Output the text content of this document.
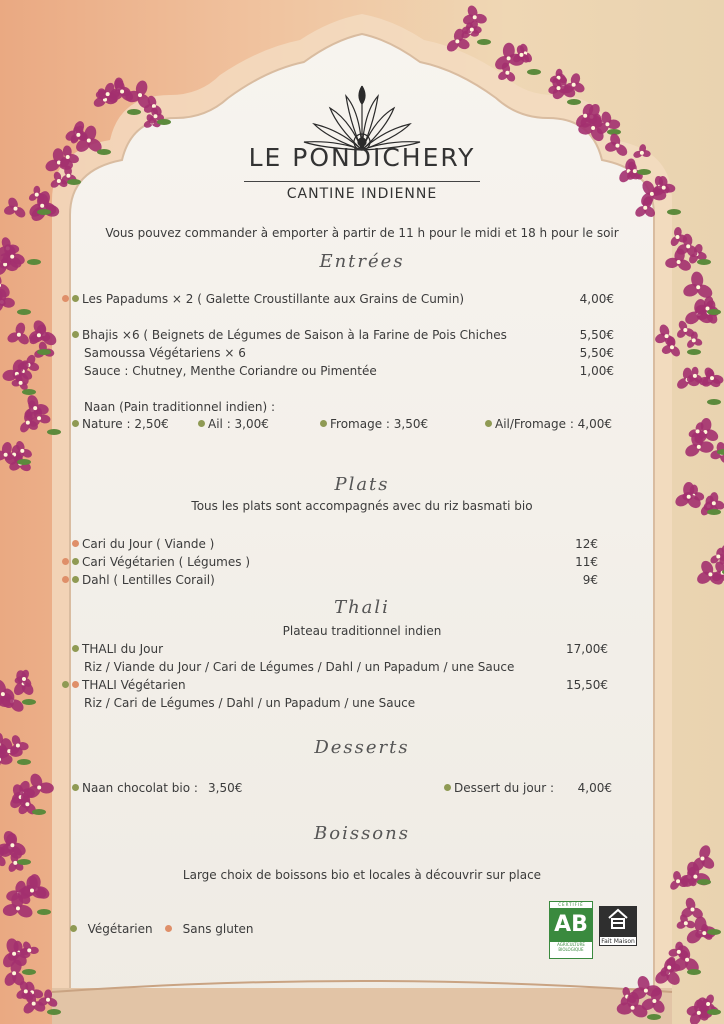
LE PONDICHERY
CANTINE INDIENNE
Vous pouvez commander à emporter à partir de 11 h pour le midi et 18 h pour le soir
Entrées
Les Papadums × 2 ( Galette Croustillante aux Grains de Cumin)	4,00€
Bhajis ×6 ( Beignets de Légumes de Saison à la Farine de Pois Chiches	5,50€
Samoussa Végétariens × 6	5,50€
Sauce : Chutney, Menthe Coriandre ou Pimentée	1,00€
Naan (Pain traditionnel indien) :
Nature : 2,50€	Ail : 3,00€	Fromage : 3,50€	Ail/Fromage : 4,00€
Plats
Tous les plats sont accompagnés avec du riz basmati bio
Cari du Jour ( Viande )	12€
Cari Végétarien ( Légumes )	11€
Dahl ( Lentilles Corail)	9€
Thali
Plateau traditionnel indien
THALI du Jour	17,00€
Riz / Viande du Jour / Cari de Légumes / Dahl / un Papadum / une Sauce
THALI Végétarien	15,50€
Riz / Cari de Légumes / Dahl / un Papadum / une Sauce
Desserts
Naan chocolat bio : 3,50€	Dessert du jour : 4,00€
Boissons
Large choix de boissons bio et locales à découvrir sur place
Végétarien	Sans gluten
CERTIFIÉ
AB
AGRICULTURE BIOLOGIQUE
Fait Maison
